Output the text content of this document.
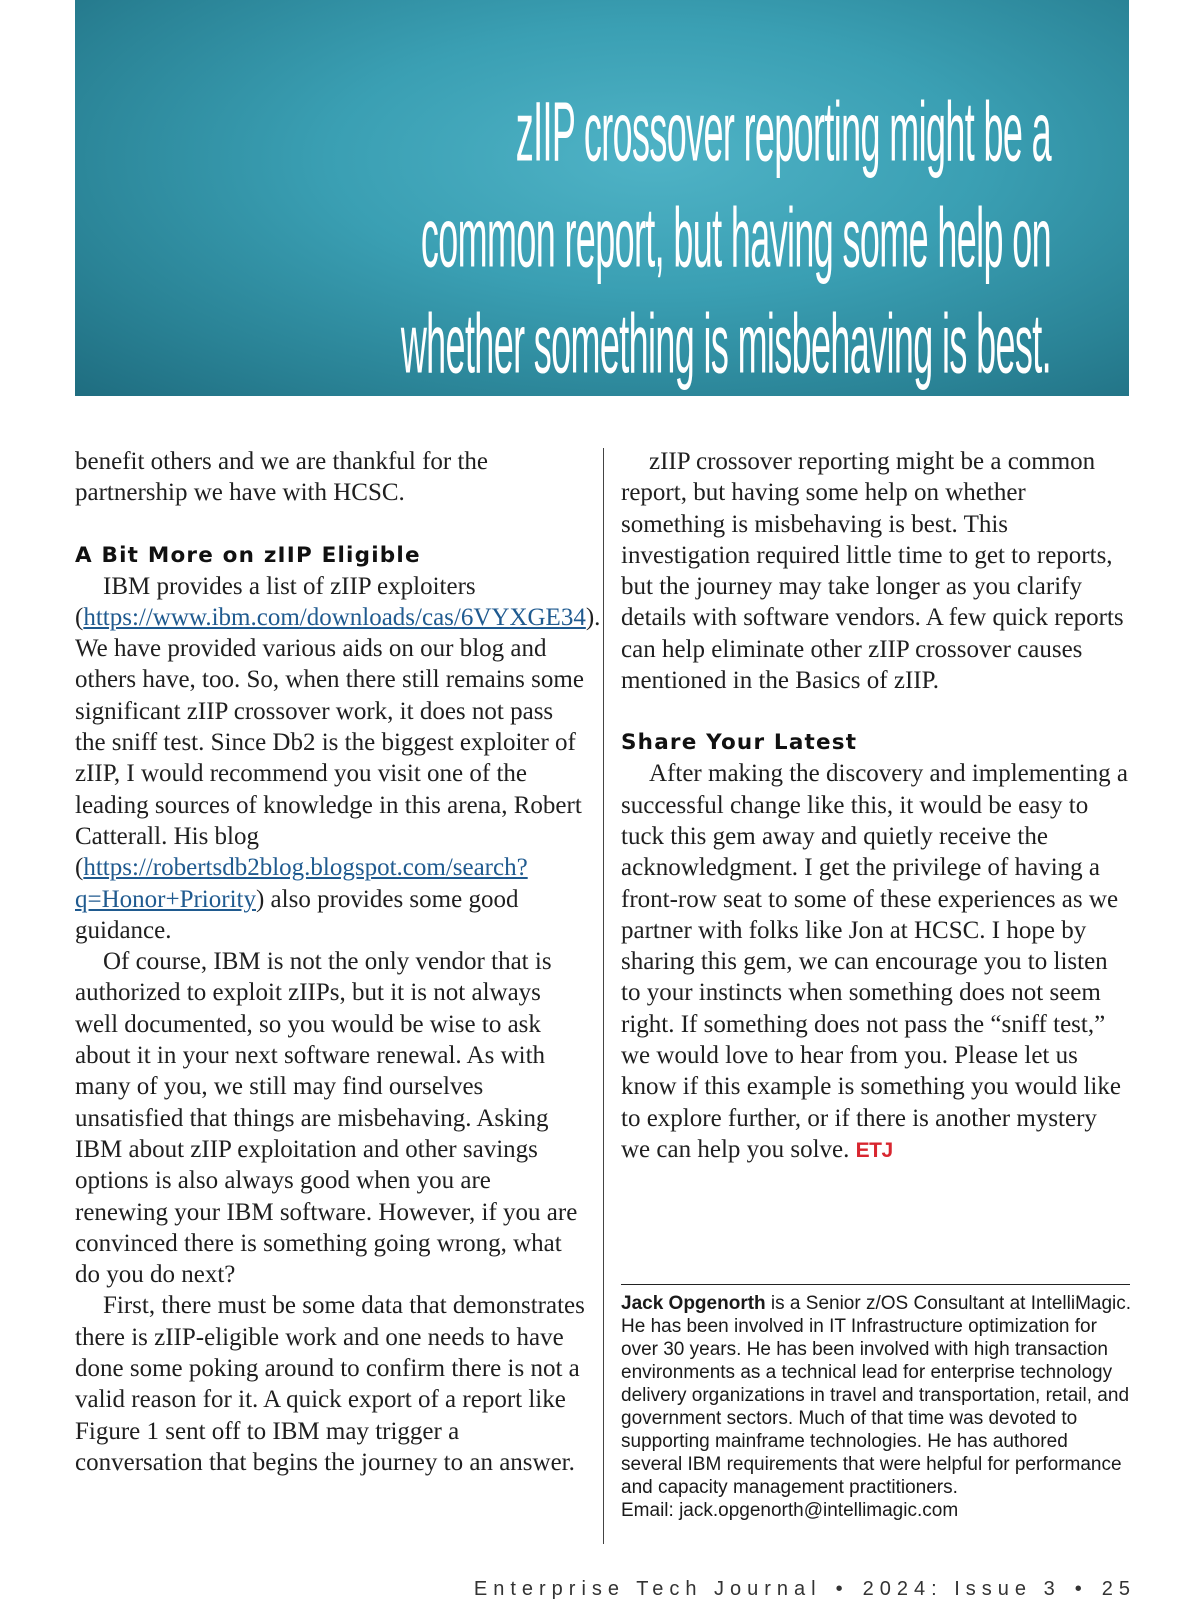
zIIP crossover reporting might be a
common report, but having some help on
whether something is misbehaving is best.

benefit others and we are thankful for the partnership we have with HCSC.

A Bit More on zIIP Eligible

IBM provides a list of zIIP exploiters (https://www.ibm.com/downloads/cas/6VYXGE34). We have provided various aids on our blog and others have, too. So, when there still remains some significant zIIP crossover work, it does not pass the sniff test. Since Db2 is the biggest exploiter of zIIP, I would recommend you visit one of the leading sources of knowledge in this arena, Robert Catterall. His blog (https://robertsdb2blog.blogspot.com/search?q=Honor+Priority) also provides some good guidance.

Of course, IBM is not the only vendor that is authorized to exploit zIIPs, but it is not always well documented, so you would be wise to ask about it in your next software renewal. As with many of you, we still may find ourselves unsatisfied that things are misbehaving. Asking IBM about zIIP exploitation and other savings options is also always good when you are renewing your IBM software. However, if you are convinced there is something going wrong, what do you do next?

First, there must be some data that demonstrates there is zIIP-eligible work and one needs to have done some poking around to confirm there is not a valid reason for it. A quick export of a report like Figure 1 sent off to IBM may trigger a conversation that begins the journey to an answer.

zIIP crossover reporting might be a common report, but having some help on whether something is misbehaving is best. This investigation required little time to get to reports, but the journey may take longer as you clarify details with software vendors. A few quick reports can help eliminate other zIIP crossover causes mentioned in the Basics of zIIP.

Share Your Latest

After making the discovery and implementing a successful change like this, it would be easy to tuck this gem away and quietly receive the acknowledgment. I get the privilege of having a front-row seat to some of these experiences as we partner with folks like Jon at HCSC. I hope by sharing this gem, we can encourage you to listen to your instincts when something does not seem right. If something does not pass the “sniff test,” we would love to hear from you. Please let us know if this example is something you would like to explore further, or if there is another mystery we can help you solve. ETJ

Jack Opgenorth is a Senior z/OS Consultant at IntelliMagic. He has been involved in IT Infrastructure optimization for over 30 years. He has been involved with high transaction environments as a technical lead for enterprise technology delivery organizations in travel and transportation, retail, and government sectors. Much of that time was devoted to supporting mainframe technologies. He has authored several IBM requirements that were helpful for performance and capacity management practitioners.
Email: jack.opgenorth@intellimagic.com
Enterprise Tech Journal • 2024: Issue 3 • 25
